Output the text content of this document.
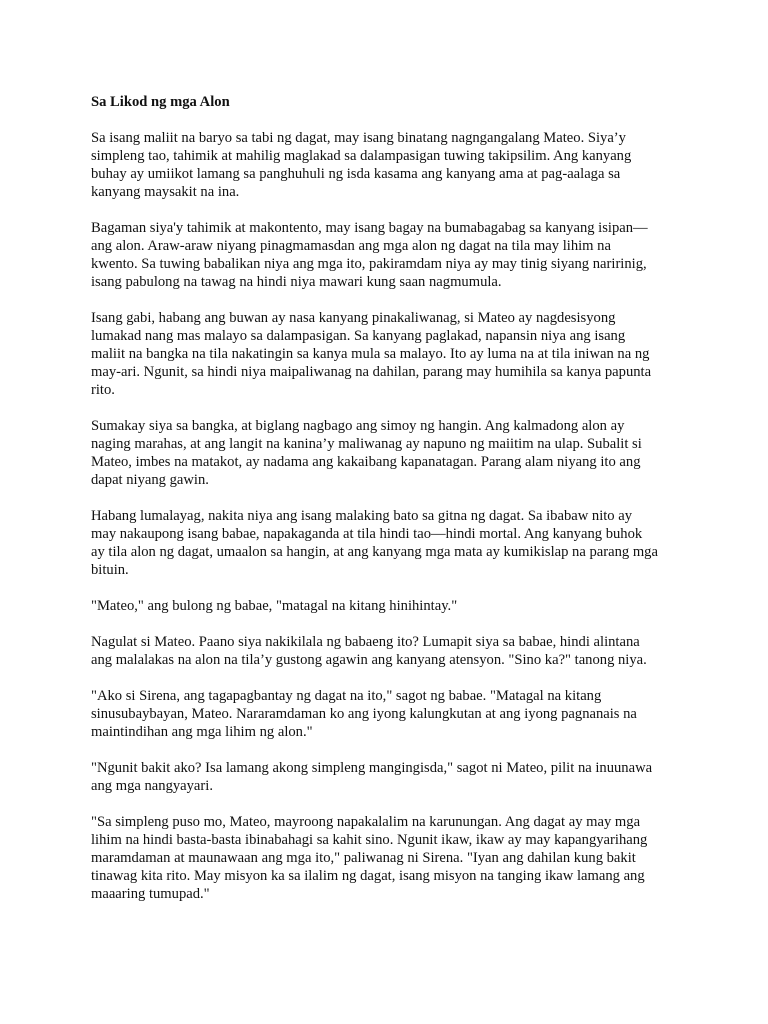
Sa Likod ng mga Alon
Sa isang maliit na baryo sa tabi ng dagat, may isang binatang nagngangalang Mateo. Siya’y
simpleng tao, tahimik at mahilig maglakad sa dalampasigan tuwing takipsilim. Ang kanyang
buhay ay umiikot lamang sa panghuhuli ng isda kasama ang kanyang ama at pag-aalaga sa
kanyang maysakit na ina.
Bagaman siya'y tahimik at makontento, may isang bagay na bumabagabag sa kanyang isipan—
ang alon. Araw-araw niyang pinagmamasdan ang mga alon ng dagat na tila may lihim na
kwento. Sa tuwing babalikan niya ang mga ito, pakiramdam niya ay may tinig siyang naririnig,
isang pabulong na tawag na hindi niya mawari kung saan nagmumula.
Isang gabi, habang ang buwan ay nasa kanyang pinakaliwanag, si Mateo ay nagdesisyong
lumakad nang mas malayo sa dalampasigan. Sa kanyang paglakad, napansin niya ang isang
maliit na bangka na tila nakatingin sa kanya mula sa malayo. Ito ay luma na at tila iniwan na ng
may-ari. Ngunit, sa hindi niya maipaliwanag na dahilan, parang may humihila sa kanya papunta
rito.
Sumakay siya sa bangka, at biglang nagbago ang simoy ng hangin. Ang kalmadong alon ay
naging marahas, at ang langit na kanina’y maliwanag ay napuno ng maiitim na ulap. Subalit si
Mateo, imbes na matakot, ay nadama ang kakaibang kapanatagan. Parang alam niyang ito ang
dapat niyang gawin.
Habang lumalayag, nakita niya ang isang malaking bato sa gitna ng dagat. Sa ibabaw nito ay
may nakaupong isang babae, napakaganda at tila hindi tao—hindi mortal. Ang kanyang buhok
ay tila alon ng dagat, umaalon sa hangin, at ang kanyang mga mata ay kumikislap na parang mga
bituin.
"Mateo," ang bulong ng babae, "matagal na kitang hinihintay."
Nagulat si Mateo. Paano siya nakikilala ng babaeng ito? Lumapit siya sa babae, hindi alintana
ang malalakas na alon na tila’y gustong agawin ang kanyang atensyon. "Sino ka?" tanong niya.
"Ako si Sirena, ang tagapagbantay ng dagat na ito," sagot ng babae. "Matagal na kitang
sinusubaybayan, Mateo. Nararamdaman ko ang iyong kalungkutan at ang iyong pagnanais na
maintindihan ang mga lihim ng alon."
"Ngunit bakit ako? Isa lamang akong simpleng mangingisda," sagot ni Mateo, pilit na inuunawa
ang mga nangyayari.
"Sa simpleng puso mo, Mateo, mayroong napakalalim na karunungan. Ang dagat ay may mga
lihim na hindi basta-basta ibinabahagi sa kahit sino. Ngunit ikaw, ikaw ay may kapangyarihang
maramdaman at maunawaan ang mga ito," paliwanag ni Sirena. "Iyan ang dahilan kung bakit
tinawag kita rito. May misyon ka sa ilalim ng dagat, isang misyon na tanging ikaw lamang ang
maaaring tumupad."
